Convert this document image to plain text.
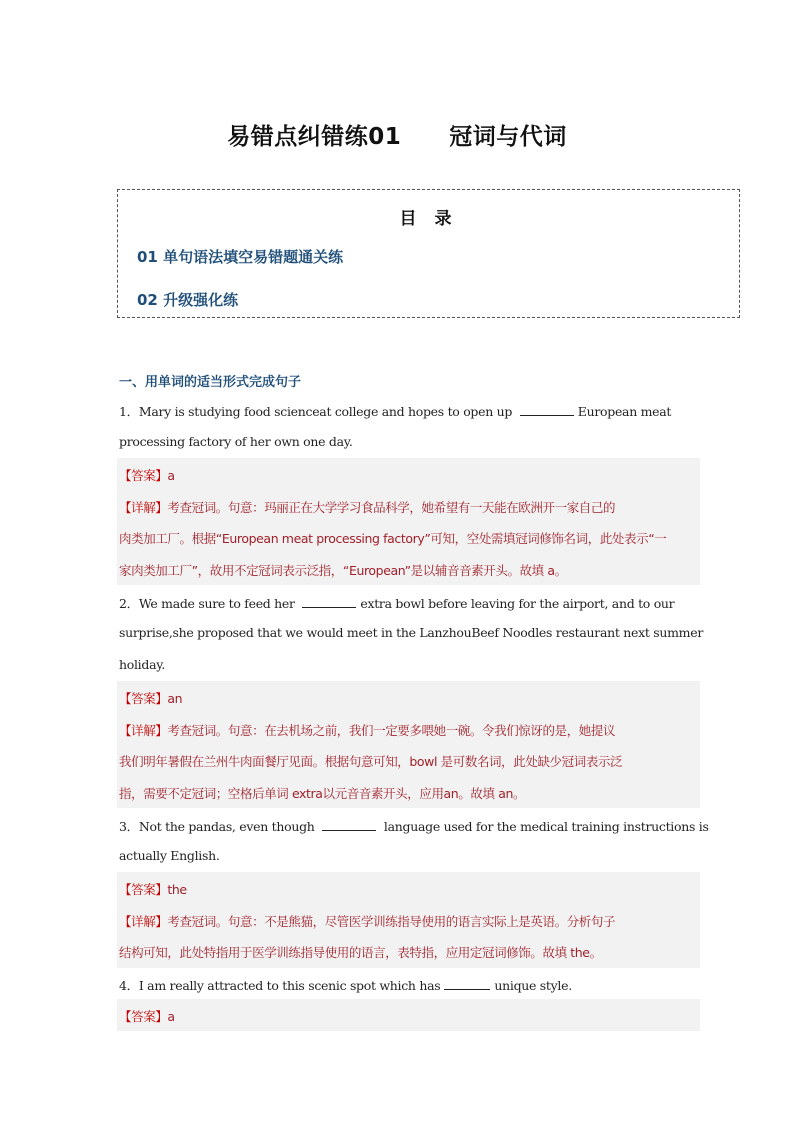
易错点纠错练01 冠词与代词
目 录
01 单句语法填空易错题通关练
02 升级强化练
一、用单词的适当形式完成句子
1．Mary is studying food scienceat college and hopes to open up	European meat
processing factory of her own one day.
【答案】a
【详解】考查冠词。句意：玛丽正在大学学习食品科学，她希望有一天能在欧洲开一家自己的
肉类加工厂。根据“European meat processing factory”可知，空处需填冠词修饰名词，此处表示“一
家肉类加工厂”，故用不定冠词表示泛指，“European”是以辅音音素开头。故填 a。
2．We made sure to feed her	extra bowl before leaving for the airport, and to our
surprise,she proposed that we would meet in the LanzhouBeef Noodles restaurant next summer
holiday.
【答案】an
【详解】考查冠词。句意：在去机场之前，我们一定要多喂她一碗。令我们惊讶的是，她提议
我们明年暑假在兰州牛肉面餐厅见面。根据句意可知，bowl 是可数名词，此处缺少冠词表示泛
指，需要不定冠词；空格后单词 extra以元音音素开头，应用an。故填 an。
3．Not the pandas, even though	language used for the medical training instructions is
actually English.
【答案】the
【详解】考查冠词。句意：不是熊猫，尽管医学训练指导使用的语言实际上是英语。分析句子
结构可知，此处特指用于医学训练指导使用的语言，表特指，应用定冠词修饰。故填 the。
4．I am really attracted to this scenic spot which has	unique style.
【答案】a
